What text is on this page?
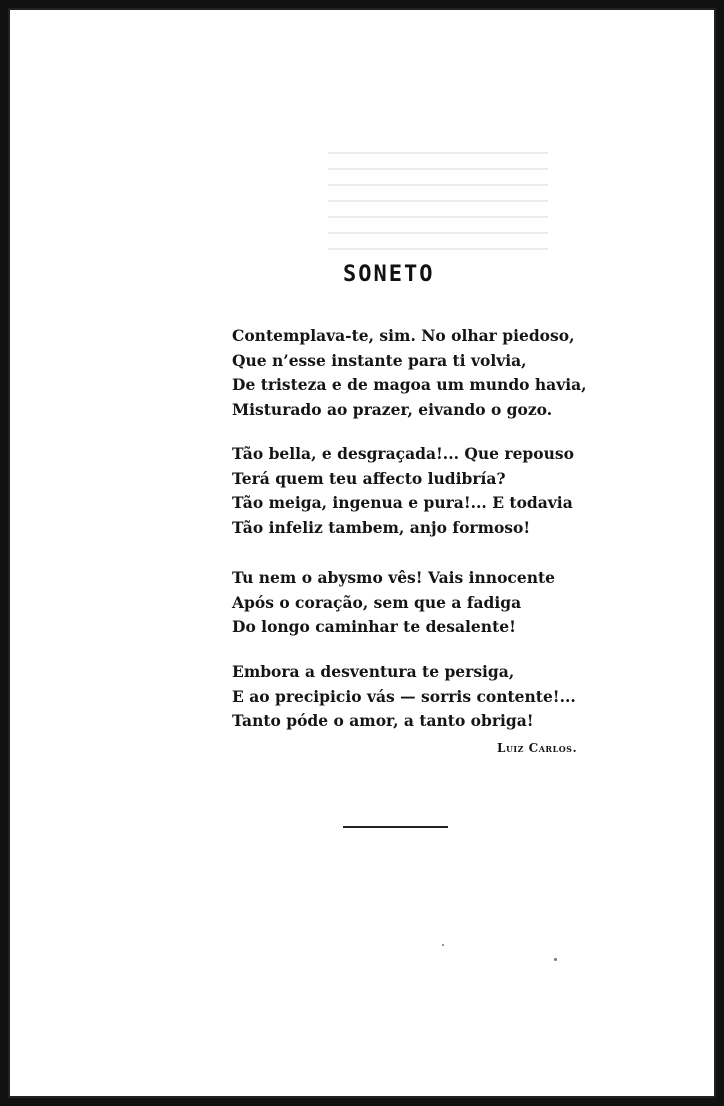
SONETO
Contemplava-te, sim. No olhar piedoso,
Que n’esse instante para ti volvia,
De tristeza e de magoa um mundo havia,
Misturado ao prazer, eivando o gozo.
Tão bella, e desgraçada!... Que repouso
Terá quem teu affecto ludibría?
Tão meiga, ingenua e pura!... E todavia
Tão infeliz tambem, anjo formoso!
Tu nem o abysmo vês! Vais innocente
Após o coração, sem que a fadiga
Do longo caminhar te desalente!
Embora a desventura te persiga,
E ao precipicio vás — sorris contente!...
Tanto póde o amor, a tanto obriga!
Luiz Carlos.
